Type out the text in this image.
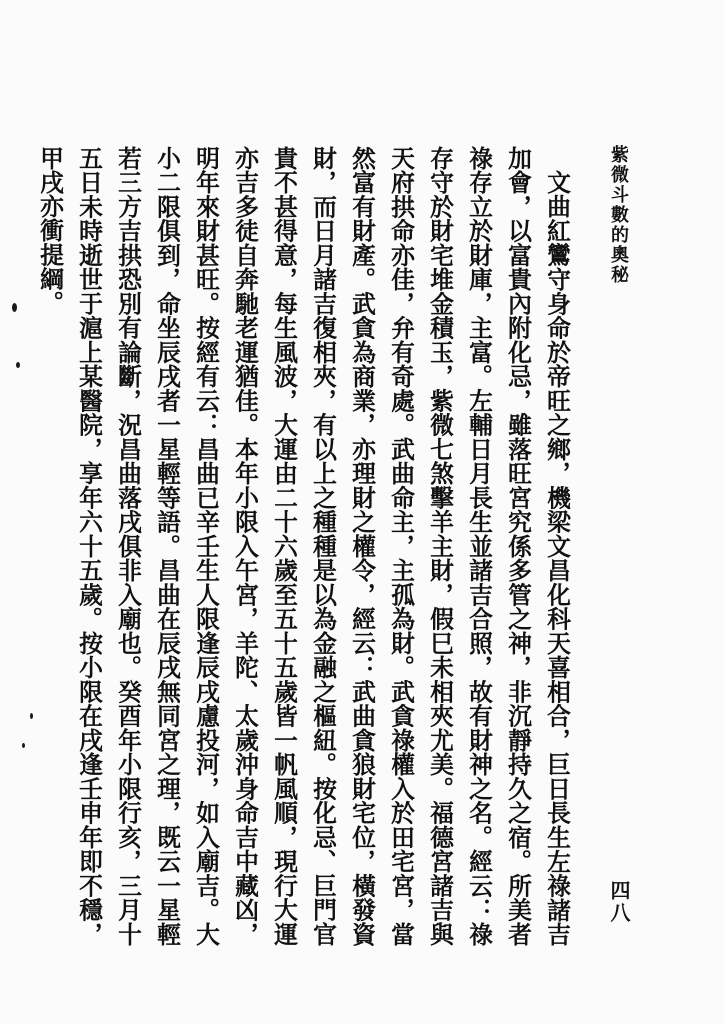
紫微斗數的奧秘

文曲紅鸞守身命於帝旺之鄉，機梁文昌化科天喜相合，巨日長生左祿諸吉加會，以富貴內附化忌，雖落旺宮究係多管之神，非沉靜持久之宿。所美者祿存立於財庫，主富。左輔日月長生並諸吉合照，故有財神之名。經云：祿存守於財宅堆金積玉，紫微七煞擊羊主財，假巳未相夾尤美。福德宮諸吉與天府拱命亦佳，弁有奇處。武曲命主，主孤為財。武貪祿權入於田宅宮，當然富有財產。武貪為商業，亦理財之權令，經云：武曲貪狼財宅位，橫發資財，而日月諸吉復相夾，有以上之種種是以為金融之樞紐。按化忌、巨門官貴不甚得意，每生風波，大運由二十六歲至五十五歲皆一帆風順，現行大運亦吉多徒自奔馳老運猶佳。本年小限入午宮，羊陀、太歲沖身命吉中藏凶，明年來財甚旺。按經有云：昌曲已辛壬生人限逢辰戌慮投河，如入廟吉。大小二限俱到，命坐辰戌者一星輕等語。昌曲在辰戌無同宮之理，既云一星輕若三方吉拱恐別有論斷，況昌曲落戌俱非入廟也。癸酉年小限行亥，三月十五日未時逝世于滬上某醫院，享年六十五歲。按小限在戌逢壬申年即不穩，甲戌亦衝提綱。

四八
